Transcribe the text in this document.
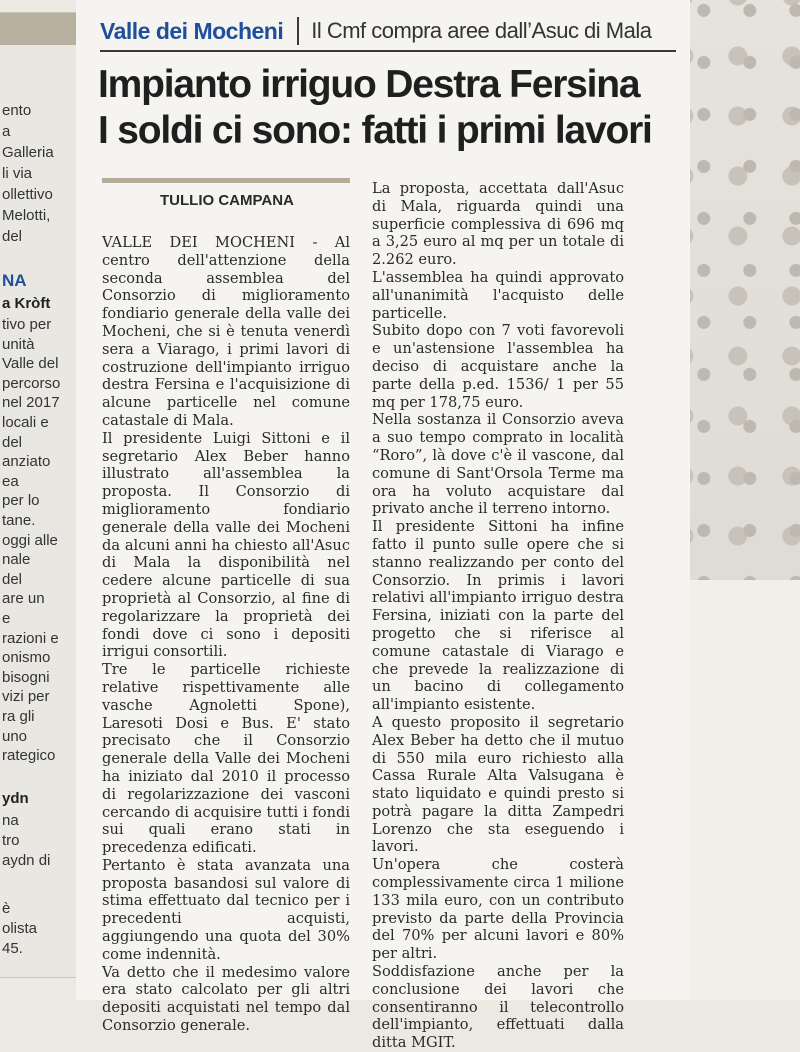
ento
a
Galleria
li via
ollettivo
Melotti,
del
NA
a Kròft
tivo per
unità
Valle del
percorso
nel 2017
locali e
del
anziato
ea
per lo
tane.
oggi alle
nale
del
are un
e
razioni e
onismo
bisogni
vizi per
ra gli
uno
rategico
ydn
na
tro
aydn di
è
olista
45.
Valle dei Mocheni Il Cmf compra aree dall’Asuc di Mala
Impianto irriguo Destra Fersina
I soldi ci sono: fatti i primi lavori
TULLIO CAMPANA

VALLE DEI MOCHENI - Al centro dell'attenzione della seconda assemblea del Consorzio di miglioramento fondiario generale della valle dei Mocheni, che si è tenuta venerdì sera a Viarago, i primi lavori di costruzione dell'impianto irriguo destra Fersina e l'acquisizione di alcune particelle nel comune catastale di Mala.

Il presidente Luigi Sittoni e il segretario Alex Beber hanno illustrato all'assemblea la proposta. Il Consorzio di miglioramento fondiario generale della valle dei Mocheni da alcuni anni ha chiesto all'Asuc di Mala la disponibilità nel cedere alcune particelle di sua proprietà al Consorzio, al fine di regolarizzare la proprietà dei fondi dove ci sono i depositi irrigui consortili.

Tre le particelle richieste relative rispettivamente alle vasche Agnoletti Spone), Laresoti Dosi e Bus. E' stato precisato che il Consorzio generale della Valle dei Mocheni ha iniziato dal 2010 il processo di regolarizzazione dei vasconi cercando di acquisire tutti i fondi sui quali erano stati in precedenza edificati.

Pertanto è stata avanzata una proposta basandosi sul valore di stima effettuato dal tecnico per i precedenti acquisti, aggiungendo una quota del 30% come indennità.

Va detto che il medesimo valore era stato calcolato per gli altri depositi acquistati nel tempo dal Consorzio generale.

La proposta, accettata dall'Asuc di Mala, riguarda quindi una superficie complessiva di 696 mq a 3,25 euro al mq per un totale di 2.262 euro.

L'assemblea ha quindi approvato all'unanimità l'acquisto delle particelle.

Subito dopo con 7 voti favorevoli e un'astensione l'assemblea ha deciso di acquistare anche la parte della p.ed. 1536/ 1 per 55 mq per 178,75 euro.

Nella sostanza il Consorzio aveva a suo tempo comprato in località “Roro”, là dove c'è il vascone, dal comune di Sant'Orsola Terme ma ora ha voluto acquistare dal privato anche il terreno intorno.

Il presidente Sittoni ha infine fatto il punto sulle opere che si stanno realizzando per conto del Consorzio. In primis i lavori relativi all'impianto irriguo destra Fersina, iniziati con la parte del progetto che si riferisce al comune catastale di Viarago e che prevede la realizzazione di un bacino di collegamento all'impianto esistente.

A questo proposito il segretario Alex Beber ha detto che il mutuo di 550 mila euro richiesto alla Cassa Rurale Alta Valsugana è stato liquidato e quindi presto si potrà pagare la ditta Zampedri Lorenzo che sta eseguendo i lavori.

Un'opera che costerà complessivamente circa 1 milione 133 mila euro, con un contributo previsto da parte della Provincia del 70% per alcuni lavori e 80% per altri.

Soddisfazione anche per la conclusione dei lavori che consentiranno il telecontrollo dell'impianto, effettuati dalla ditta MGIT.
